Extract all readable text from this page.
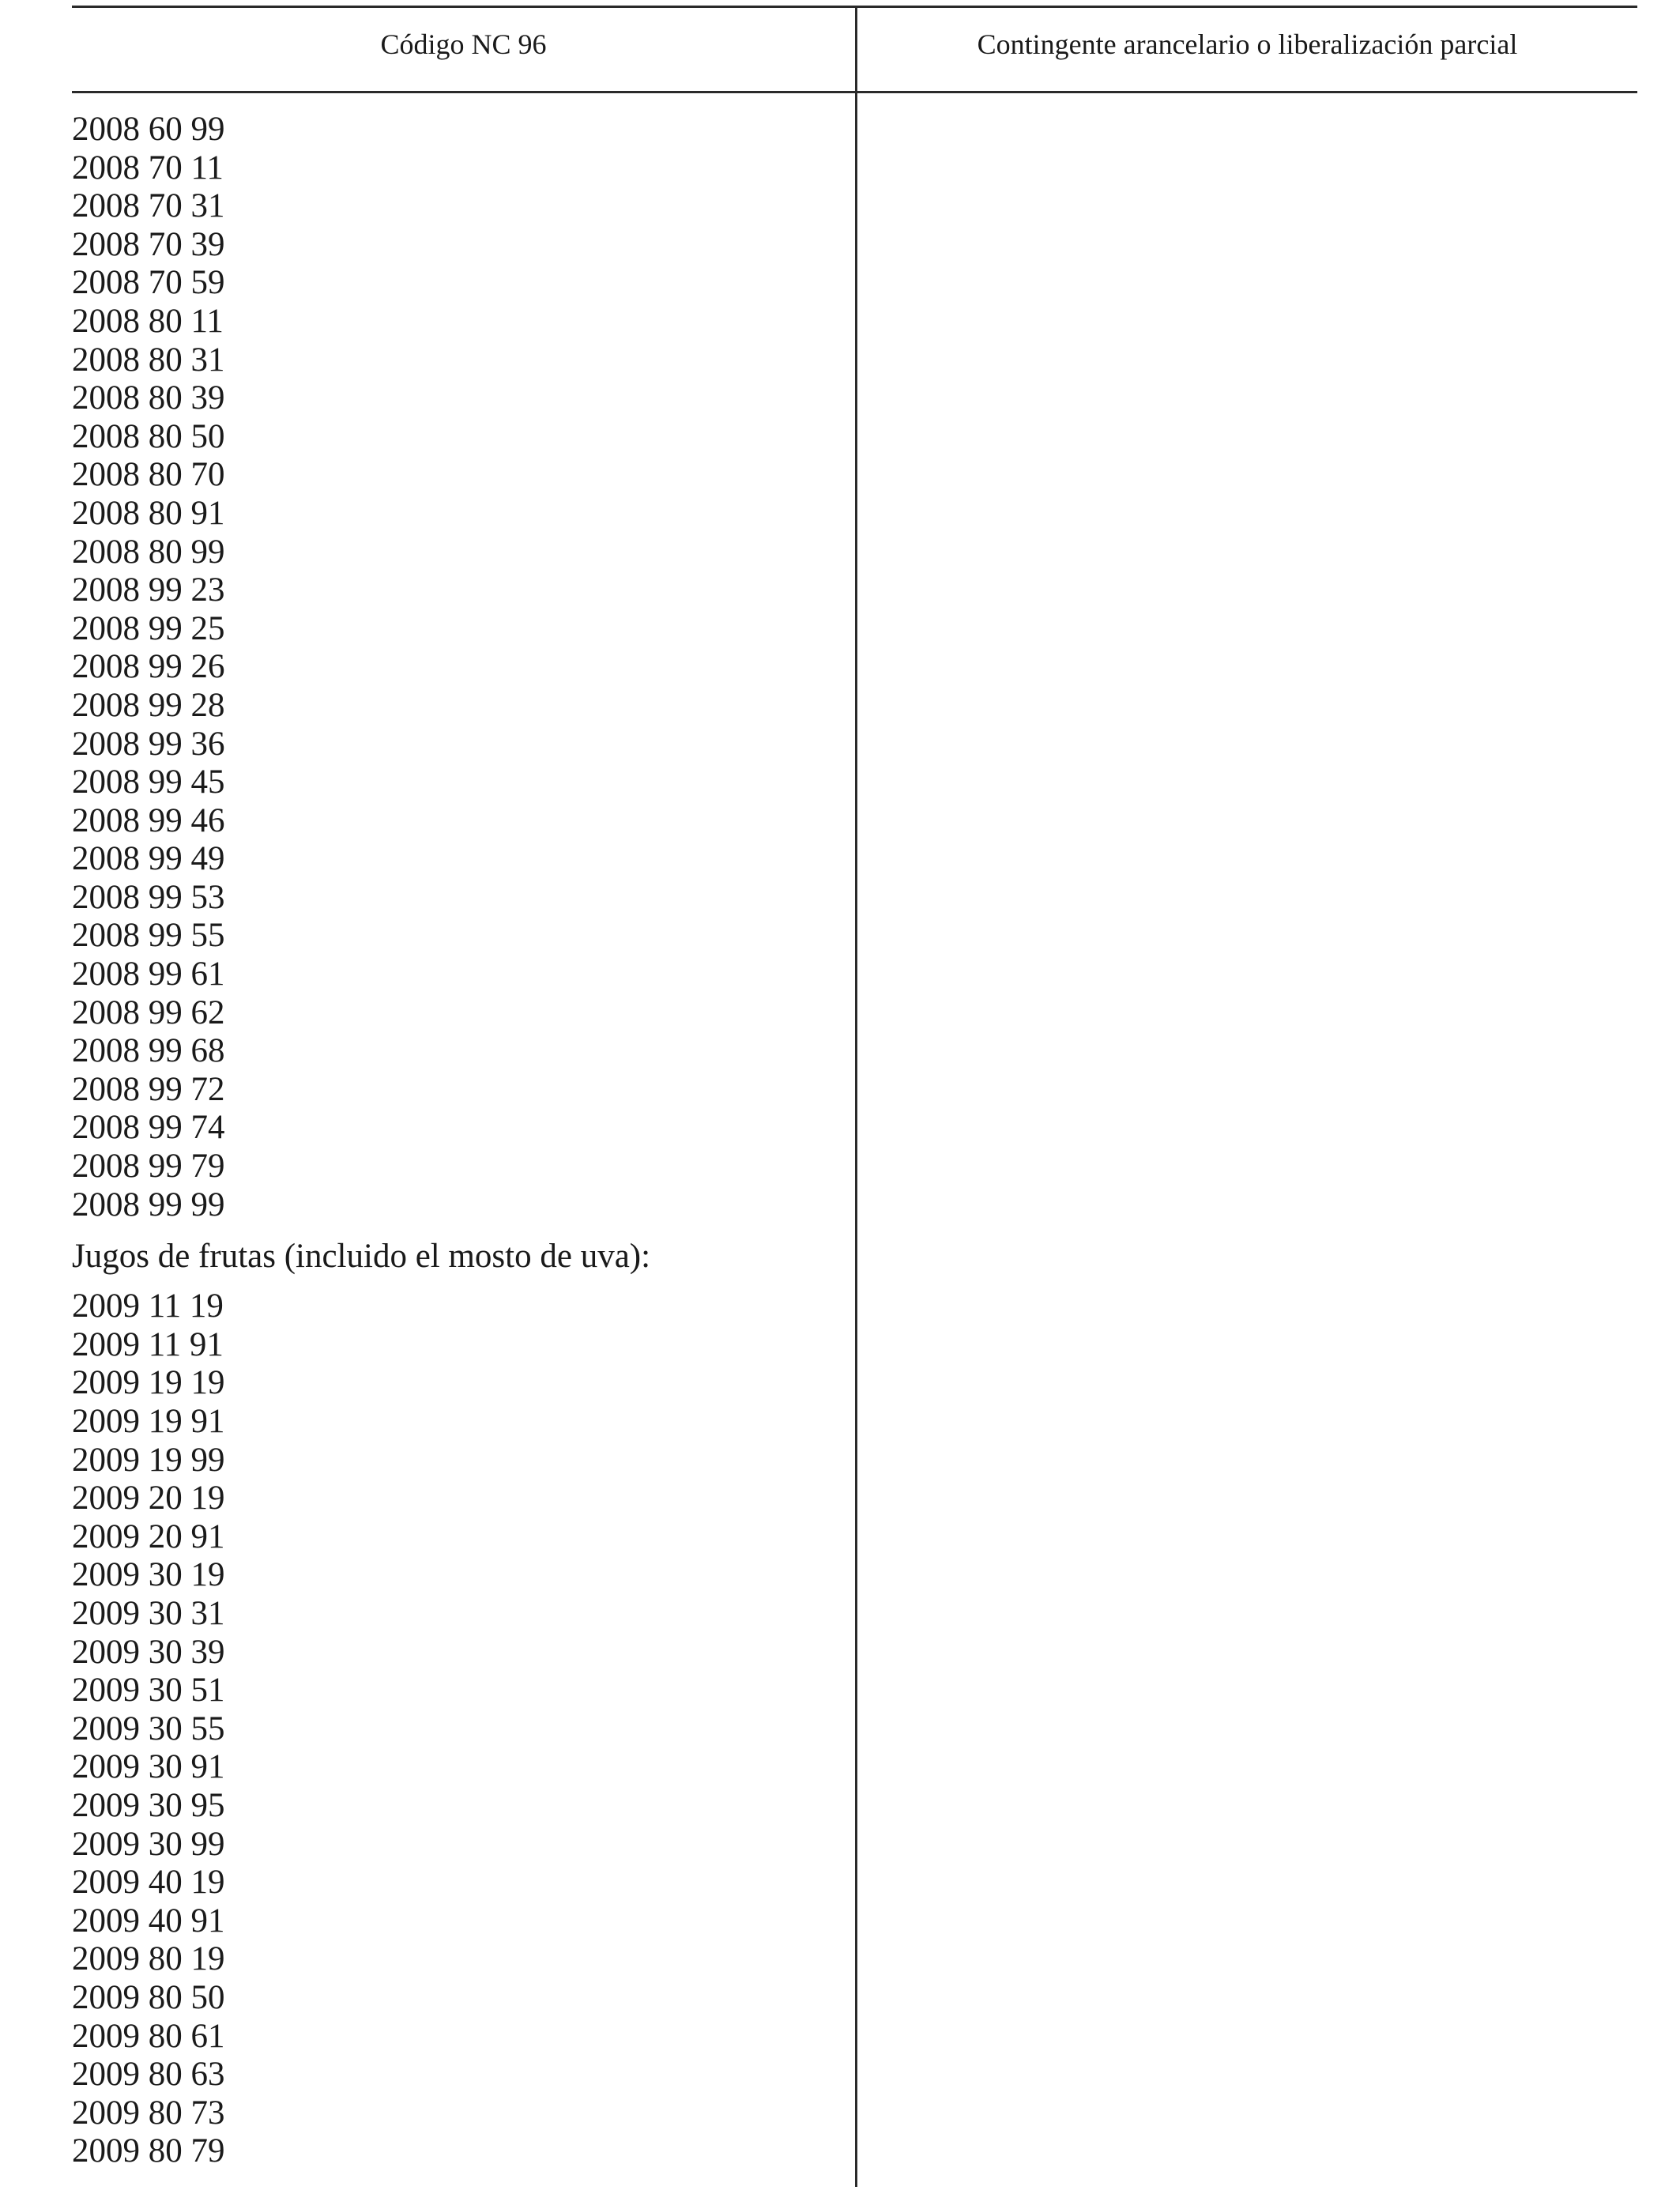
Código NC 96	Contingente arancelario o liberalización parcial
2008 60 99
2008 70 11
2008 70 31
2008 70 39
2008 70 59
2008 80 11
2008 80 31
2008 80 39
2008 80 50
2008 80 70
2008 80 91
2008 80 99
2008 99 23
2008 99 25
2008 99 26
2008 99 28
2008 99 36
2008 99 45
2008 99 46
2008 99 49
2008 99 53
2008 99 55
2008 99 61
2008 99 62
2008 99 68
2008 99 72
2008 99 74
2008 99 79
2008 99 99
Jugos de frutas (incluido el mosto de uva):
2009 11 19
2009 11 91
2009 19 19
2009 19 91
2009 19 99
2009 20 19
2009 20 91
2009 30 19
2009 30 31
2009 30 39
2009 30 51
2009 30 55
2009 30 91
2009 30 95
2009 30 99
2009 40 19
2009 40 91
2009 80 19
2009 80 50
2009 80 61
2009 80 63
2009 80 73
2009 80 79
